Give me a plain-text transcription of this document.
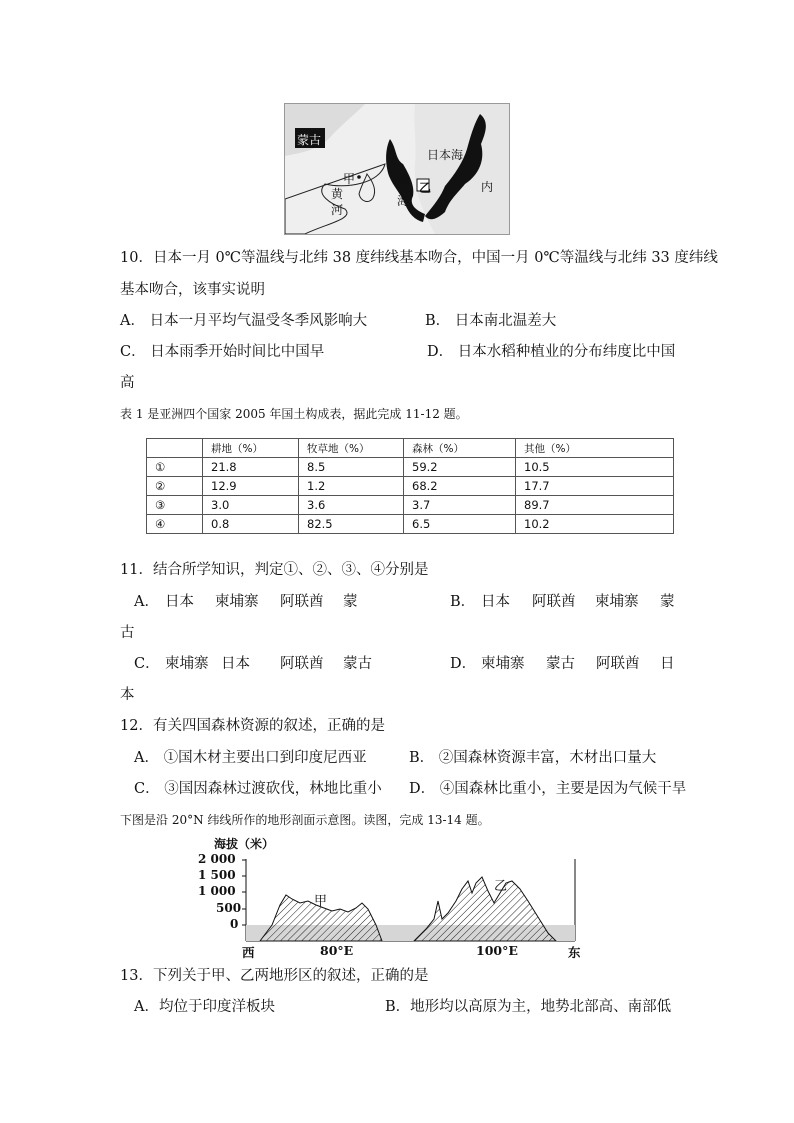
蒙古
甲
黄
河
黄
海
乙
日本海
内
10．日本一月 0℃等温线与北纬 38 度纬线基本吻合，中国一月 0℃等温线与北纬 33 度纬线
基本吻合，该事实说明
A． 日本一月平均气温受冬季风影响大	B． 日本南北温差大
C． 日本雨季开始时间比中国早	D． 日本水稻种植业的分布纬度比中国
高
表 1 是亚洲四个国家 2005 年国土构成表，据此完成 11-12 题。
	耕地（%）	牧草地（%）	森林（%）	其他（%）
①	21.8	8.5	59.2	10.5
②	12.9	1.2	68.2	17.7
③	3.0	3.6	3.7	89.7
④	0.8	82.5	6.5	10.2
11．结合所学知识，判定①、②、③、④分别是
A． 日本 柬埔寨 阿联酋 蒙	B． 日本 阿联酋 柬埔寨 蒙
古
C． 柬埔寨 日本 阿联酋 蒙古	D． 柬埔寨 蒙古 阿联酋 日
本
12．有关四国森林资源的叙述，正确的是
A． ①国木材主要出口到印度尼西亚	B． ②国森林资源丰富，木材出口量大
C． ③国因森林过渡砍伐，林地比重小 D． ④国森林比重小，主要是因为气候干旱
下图是沿 20°N 纬线所作的地形剖面示意图。读图，完成 13-14 题。
海拔（米）
2 000
1 500
1 000
500
0
西	80°E	100°E	东
甲
乙
13．下列关于甲、乙两地形区的叙述，正确的是
A．均位于印度洋板块	B．地形均以高原为主，地势北部高、南部低
